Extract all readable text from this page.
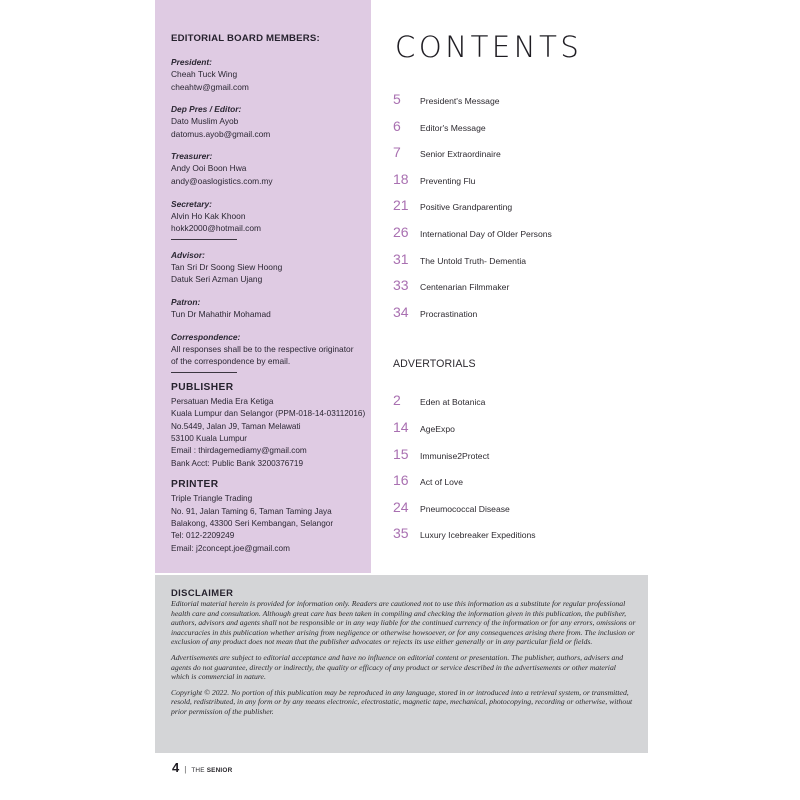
EDITORIAL BOARD MEMBERS:
President:
Cheah Tuck Wing
cheahtw@gmail.com
Dep Pres / Editor:
Dato Muslim Ayob
datomus.ayob@gmail.com
Treasurer:
Andy Ooi Boon Hwa
andy@oaslogistics.com.my
Secretary:
Alvin Ho Kak Khoon
hokk2000@hotmail.com
Advisor:
Tan Sri Dr Soong Siew Hoong
Datuk Seri Azman Ujang
Patron:
Tun Dr Mahathir Mohamad
Correspondence:
All responses shall be to the respective originator
of the correspondence by email.
PUBLISHER
Persatuan Media Era Ketiga
Kuala Lumpur dan Selangor (PPM-018-14-03112016)
No.5449, Jalan J9, Taman Melawati
53100 Kuala Lumpur
Email : thirdagemediamy@gmail.com
Bank Acct: Public Bank 3200376719
PRINTER
Triple Triangle Trading
No. 91, Jalan Taming 6, Taman Taming Jaya
Balakong, 43300 Seri Kembangan, Selangor
Tel: 012-2209249
Email: j2concept.joe@gmail.com
CONTENTS
5	President's Message
6	Editor's Message
7	Senior Extraordinaire
18	Preventing Flu
21	Positive Grandparenting
26	International Day of Older Persons
31	The Untold Truth- Dementia
33	Centenarian Filmmaker
34	Procrastination
ADVERTORIALS
2	Eden at Botanica
14	AgeExpo
15	Immunise2Protect
16	Act of Love
24	Pneumococcal Disease
35	Luxury Icebreaker Expeditions
DISCLAIMER

Editorial material herein is provided for information only. Readers are cautioned not to use this information as a substitute for regular professional health care and consultation. Although great care has been taken in compiling and checking the information given in this publication, the publisher, authors, advisors and agents shall not be responsible or in any way liable for the continued currency of the information or for any errors, omissions or inaccuracies in this publication whether arising from negligence or otherwise howsoever, or for any consequences arising there from. The inclusion or exclusion of any product does not mean that the publisher advocates or rejects its use either generally or in any particular field or fields.

Advertisements are subject to editorial acceptance and have no influence on editorial content or presentation. The publisher, authors, advisers and agents do not guarantee, directly or indirectly, the quality or efficacy of any product or service described in the advertisements or other material which is commercial in nature.

Copyright © 2022. No portion of this publication may be reproduced in any language, stored in or introduced into a retrieval system, or transmitted, resold, redistributed, in any form or by any means electronic, electrostatic, magnetic tape, mechanical, photocopying, recording or otherwise, without prior permission of the publisher.

4 | THE SENIOR
